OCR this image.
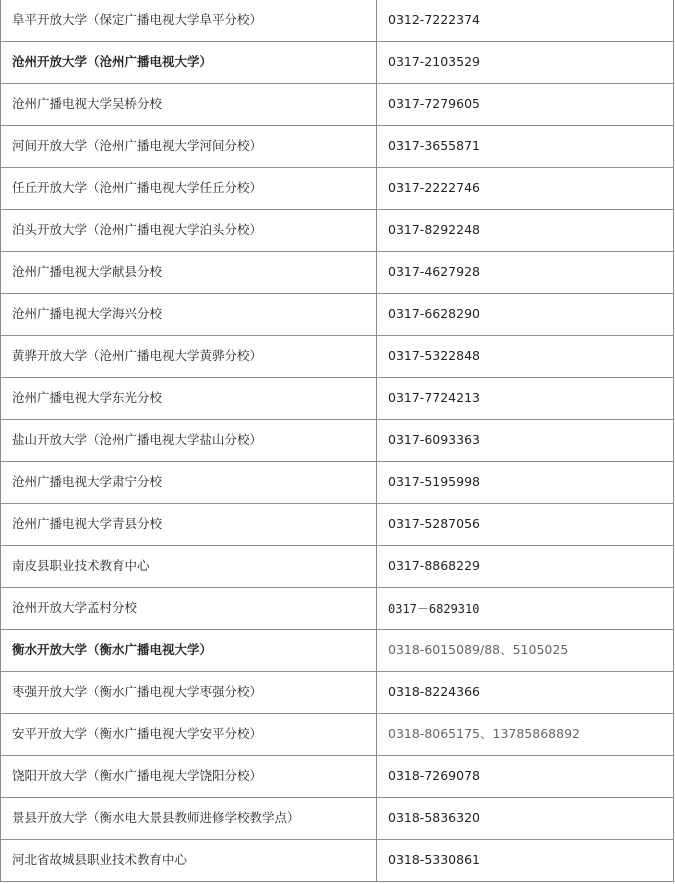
阜平开放大学（保定广播电视大学阜平分校）	0312-7222374
沧州开放大学（沧州广播电视大学）	0317-2103529
沧州广播电视大学吴桥分校	0317-7279605
河间开放大学（沧州广播电视大学河间分校）	0317-3655871
任丘开放大学（沧州广播电视大学任丘分校）	0317-2222746
泊头开放大学（沧州广播电视大学泊头分校）	0317-8292248
沧州广播电视大学献县分校	0317-4627928
沧州广播电视大学海兴分校	0317-6628290
黄骅开放大学（沧州广播电视大学黄骅分校）	0317-5322848
沧州广播电视大学东光分校	0317-7724213
盐山开放大学（沧州广播电视大学盐山分校）	0317-6093363
沧州广播电视大学肃宁分校	0317-5195998
沧州广播电视大学青县分校	0317-5287056
南皮县职业技术教育中心	0317-8868229
沧州开放大学孟村分校	0317－6829310
衡水开放大学（衡水广播电视大学）	0318-6015089/88、5105025
枣强开放大学（衡水广播电视大学枣强分校）	0318-8224366
安平开放大学（衡水广播电视大学安平分校）	0318-8065175、13785868892
饶阳开放大学（衡水广播电视大学饶阳分校）	0318-7269078
景县开放大学（衡水电大景县教师进修学校教学点）	0318-5836320
河北省故城县职业技术教育中心	0318-5330861
